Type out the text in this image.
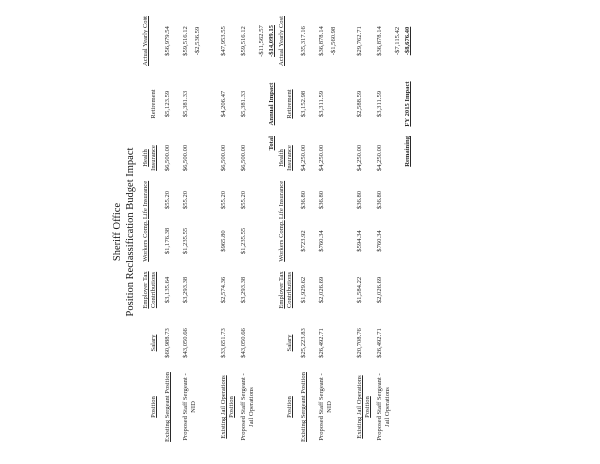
Sheriff Office Position Reclassification Budget Impact
Position
Salary
Employer Tax Contributions
Workers Comp.
Life Insurance
Health Insurance
Retirement
Actual Yearly Cost
Existing Sergeant Position
$60,988.73
$3,135.64
$1,176.38
$55.20
$6,500.00
$5,123.59
$56,979.54
Proposed Staff Sergeant - NID
$43,050.66
$3,293.38
$1,235.55
$55.20
$6,500.00
$5,381.33
$59,516.12 -$2,536.59
Existing Jail Operations Position
$33,651.73
$2,574.36
$965.80
$55.20
$6,500.00
$4,206.47
$47,953.55
Proposed Staff Sergeant - Jail Operations
$43,050.66
$3,293.38
$1,235.55
$55.20
$6,500.00
$5,381.33
$59,516.12 -$11,562.57
Total
Annual Impact
-$14,099.15
Position
Salary
Employer Tax Contributions
Workers Comp.
Life Insurance
Health Insurance
Retirement
Actual Yearly Cost
Existing Sergeant Position
$25,223.83
$1,929.62
$723.92
$36.80
$4,250.00
$3,152.98
$35,317.16
Proposed Staff Sergeant - NID
$26,492.71
$2,026.69
$760.34
$36.80
$4,250.00
$3,311.59
$36,878.14 -$1,560.98
Existing Jail Operations Position
$20,708.76
$1,584.22
$594.34
$36.80
$4,250.00
$2,588.59
$29,762.71
Proposed Staff Sergeant - Jail Operations
$26,492.71
$2,026.69
$760.34
$36.80
$4,250.00
$3,311.59
$36,878.14 -$7,115.42
Remaining
FY 2015 Impact
-$8,676.40
